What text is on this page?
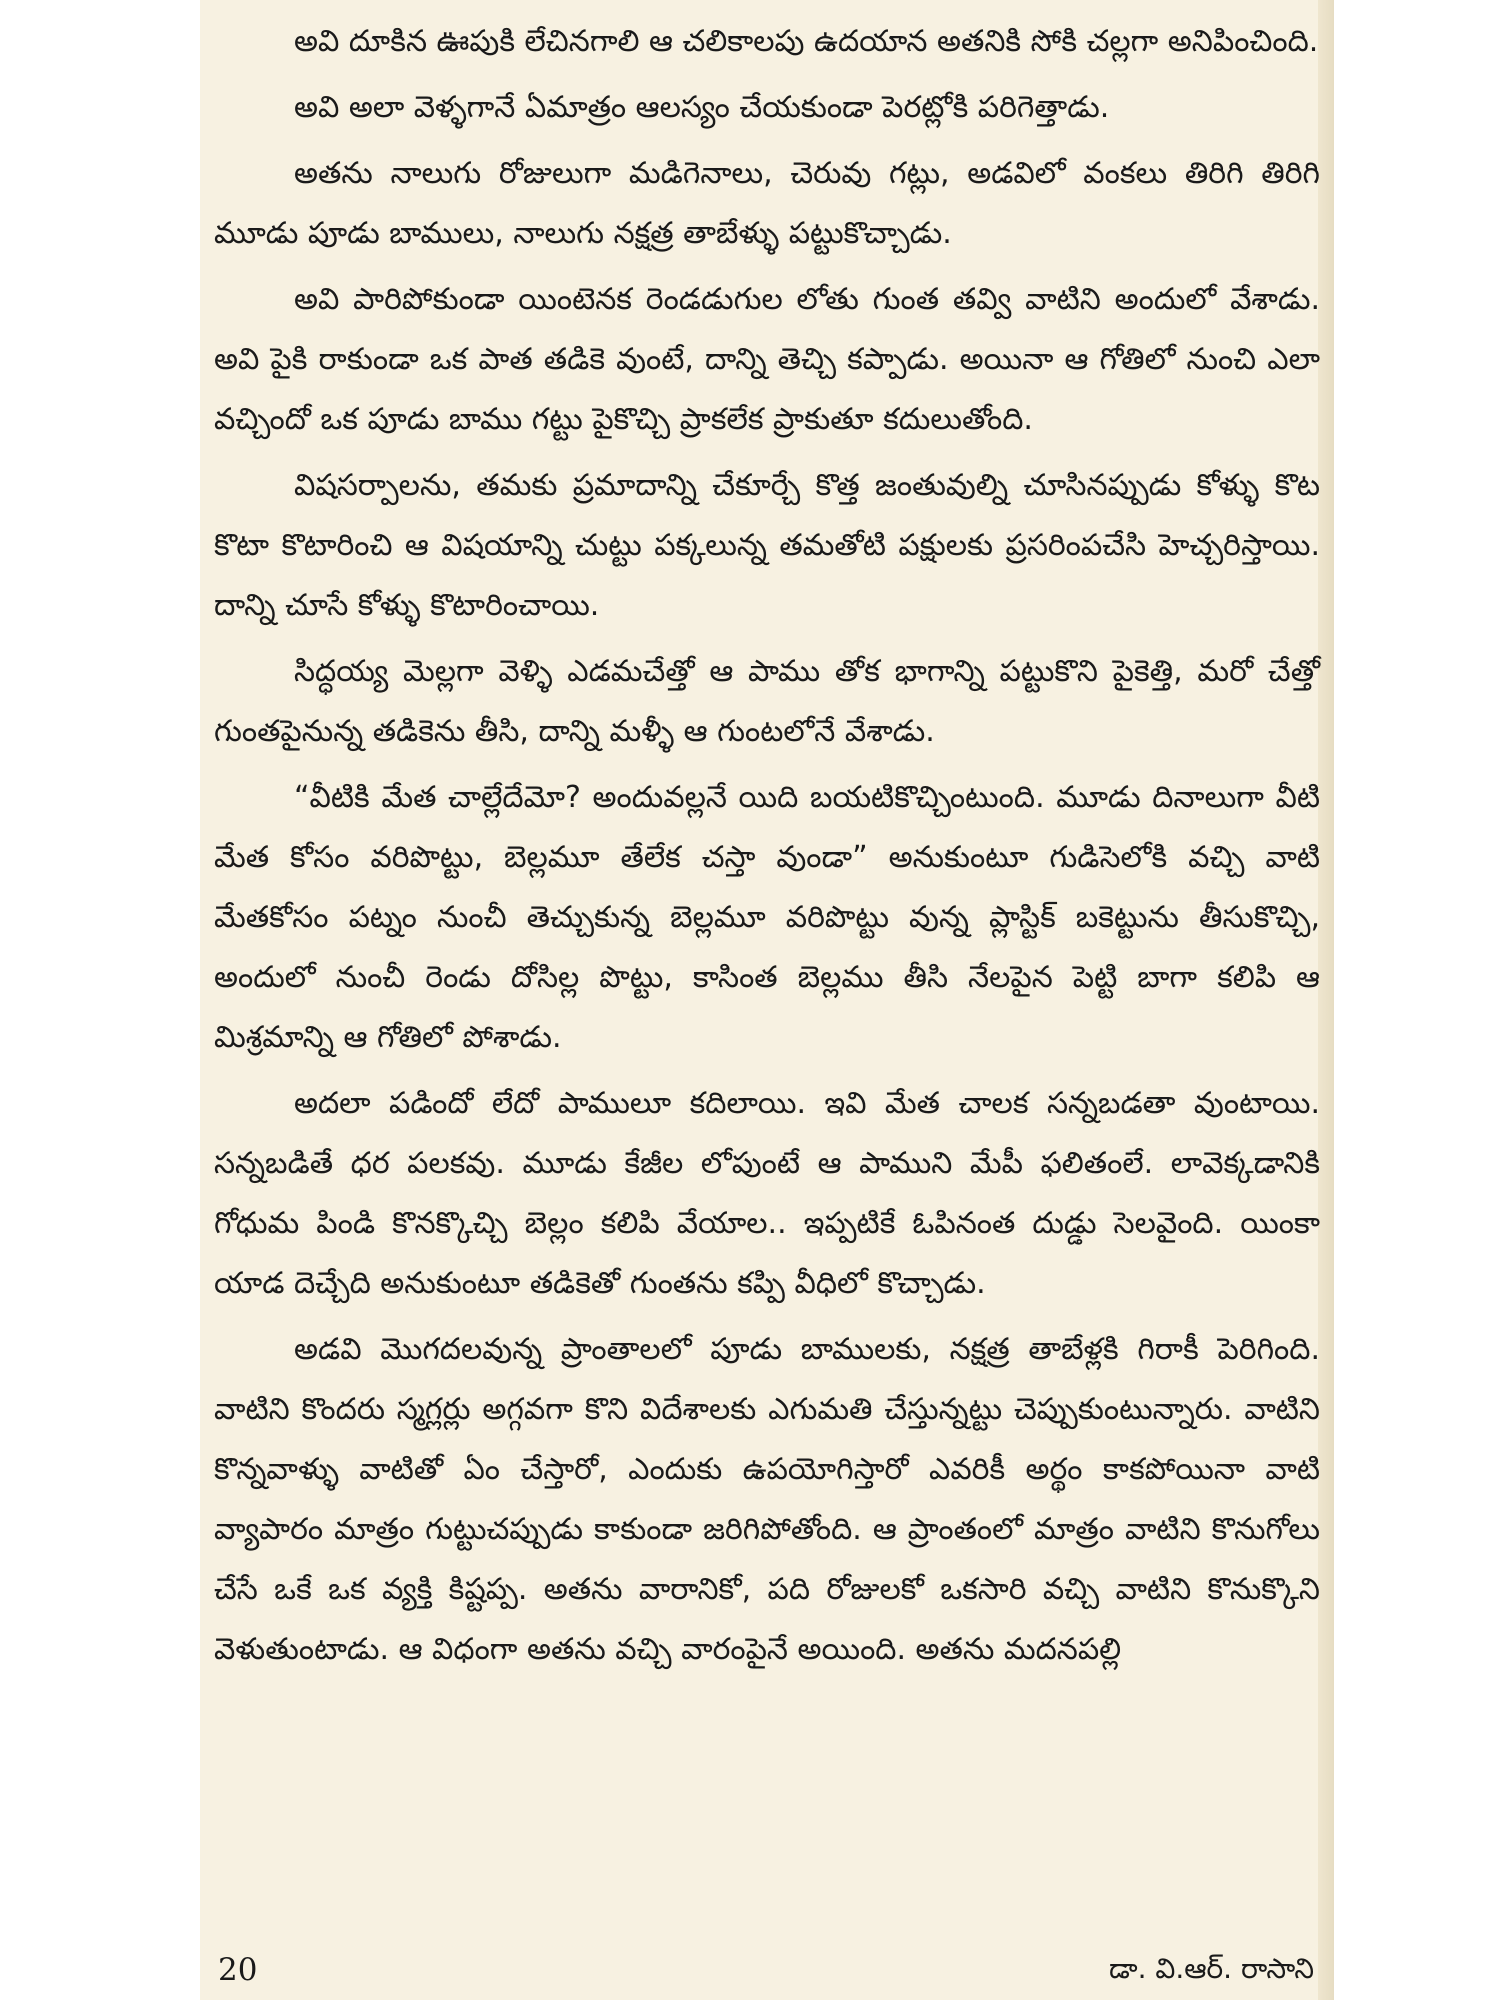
అవి దూకిన ఊపుకి లేచినగాలి ఆ చలికాలపు ఉదయాన అతనికి సోకి చల్లగా అనిపించింది.

అవి అలా వెళ్ళగానే ఏమాత్రం ఆలస్యం చేయకుండా పెరట్లోకి పరిగెత్తాడు.

అతను నాలుగు రోజులుగా మడిగెనాలు, చెరువు గట్లు, అడవిలో వంకలు తిరిగి తిరిగి మూడు పూడు బాములు, నాలుగు నక్షత్ర తాబేళ్ళు పట్టుకొచ్చాడు.

అవి పారిపోకుండా యింటెనక రెండడుగుల లోతు గుంత తవ్వి వాటిని అందులో వేశాడు. అవి పైకి రాకుండా ఒక పాత తడికె వుంటే, దాన్ని తెచ్చి కప్పాడు. అయినా ఆ గోతిలో నుంచి ఎలా వచ్చిందో ఒక పూడు బాము గట్టు పైకొచ్చి ప్రాకలేక ప్రాకుతూ కదులుతోంది.

విషసర్పాలను, తమకు ప్రమాదాన్ని చేకూర్చే కొత్త జంతువుల్ని చూసినప్పుడు కోళ్ళు కొట కొటా కొటారించి ఆ విషయాన్ని చుట్టు పక్కలున్న తమతోటి పక్షులకు ప్రసరింపచేసి హెచ్చరిస్తాయి. దాన్ని చూసే కోళ్ళు కొటారించాయి.

సిద్ధయ్య మెల్లగా వెళ్ళి ఎడమచేత్తో ఆ పాము తోక భాగాన్ని పట్టుకొని పైకెత్తి, మరో చేత్తో గుంతపైనున్న తడికెను తీసి, దాన్ని మళ్ళీ ఆ గుంటలోనే వేశాడు.

“వీటికి మేత చాల్లేదేమో? అందువల్లనే యిది బయటికొచ్చింటుంది. మూడు దినాలుగా వీటి మేత కోసం వరిపొట్టు, బెల్లమూ తేలేక చస్తా వుండా” అనుకుంటూ గుడిసెలోకి వచ్చి వాటి మేతకోసం పట్నం నుంచీ తెచ్చుకున్న బెల్లమూ వరిపొట్టు వున్న ప్లాస్టిక్ బకెట్టును తీసుకొచ్చి, అందులో నుంచీ రెండు దోసిల్ల పొట్టు, కాసింత బెల్లము తీసి నేలపైన పెట్టి బాగా కలిపి ఆ మిశ్రమాన్ని ఆ గోతిలో పోశాడు.

అదలా పడిందో లేదో పాములూ కదిలాయి. ఇవి మేత చాలక సన్నబడతా వుంటాయి. సన్నబడితే ధర పలకవు. మూడు కేజీల లోపుంటే ఆ పాముని మేపీ ఫలితంలే. లావెక్కడానికి గోధుమ పిండి కొనక్కొచ్చి బెల్లం కలిపి వేయాల.. ఇప్పటికే ఓపినంత దుడ్డు సెలవైంది. యింకా యాడ దెచ్చేది అనుకుంటూ తడికెతో గుంతను కప్పి వీధిలో కొచ్చాడు.

అడవి మొగదలవున్న ప్రాంతాలలో పూడు బాములకు, నక్షత్ర తాబేళ్లకి గిరాకీ పెరిగింది. వాటిని కొందరు స్మగ్లర్లు అగ్గవగా కొని విదేశాలకు ఎగుమతి చేస్తున్నట్టు చెప్పుకుంటున్నారు. వాటిని కొన్నవాళ్ళు వాటితో ఏం చేస్తారో, ఎందుకు ఉపయోగిస్తారో ఎవరికీ అర్థం కాకపోయినా వాటి వ్యాపారం మాత్రం గుట్టుచప్పుడు కాకుండా జరిగిపోతోంది. ఆ ప్రాంతంలో మాత్రం వాటిని కొనుగోలు చేసే ఒకే ఒక వ్యక్తి కిష్టప్ప. అతను వారానికో, పది రోజులకో ఒకసారి వచ్చి వాటిని కొనుక్కొని వెళుతుంటాడు. ఆ విధంగా అతను వచ్చి వారంపైనే అయింది. అతను మదనపల్లి

20	డా. వి.ఆర్. రాసాని
